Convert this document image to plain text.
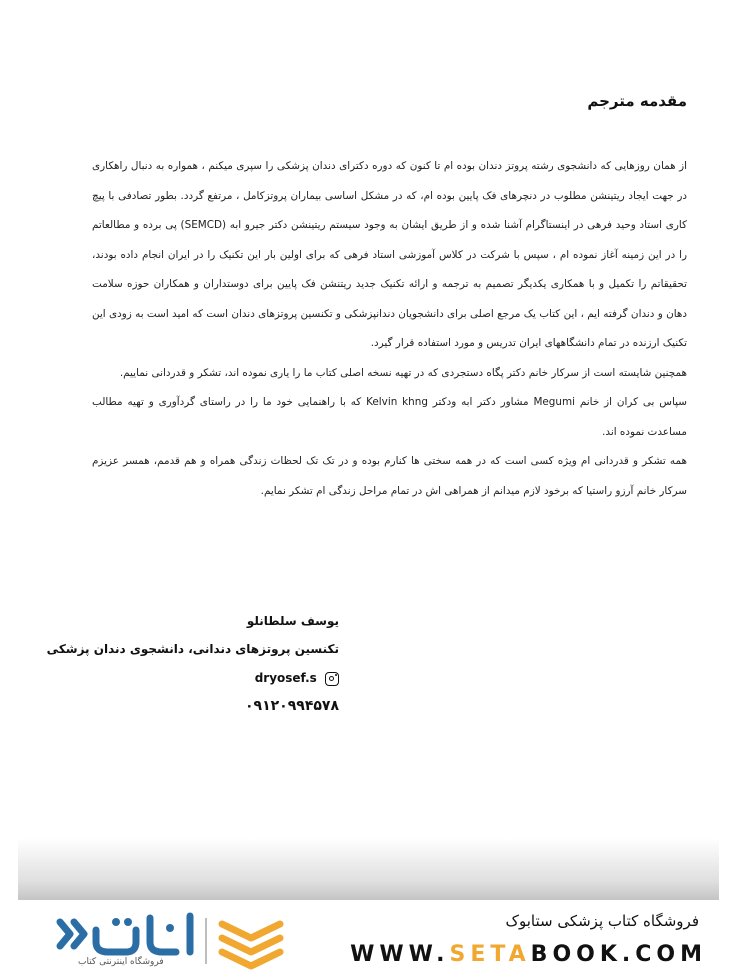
مقدمه مترجم

از همان روزهایی که دانشجوی رشته پروتز دندان بوده ام تا کنون که دوره دکترای دندان پزشکی را سپری میکنم ، همواره به دنبال راهکاری در جهت ایجاد ریتینشن مطلوب در دنچرهای فک پایین بوده ام، که در مشکل اساسی بیماران پروتزکامل ، مرتفع گردد. بطور تصادفی با پیچ کاری استاد وحید فرهی در اینستاگرام آشنا شده و از طریق ایشان به وجود سیستم ریتینشن دکتر جیرو ابه (SEMCD) پی برده و مطالعاتم را در این زمینه آغاز نموده ام ، سپس با شرکت در کلاس آموزشی استاد فرهی که برای اولین بار این تکنیک را در ایران انجام داده بودند، تحقیقاتم را تکمیل و با همکاری یکدیگر تصمیم به ترجمه و ارائه تکنیک جدید ریتنشن فک پایین برای دوستداران و همکاران حوزه سلامت دهان و دندان گرفته ایم ، این کتاب یک مرجع اصلی برای دانشجویان دندانپزشکی و تکنسین پروتزهای دندان است که امید است به زودی این تکنیک ارزنده در تمام دانشگاههای ایران تدریس و مورد استفاده قرار گیرد.

همچنین شایسته است از سرکار خانم دکتر پگاه دستجردی که در تهیه نسخه اصلی کتاب ما را یاری نموده اند، تشکر و قدردانی نماییم.

سپاس بی کران از خانم Megumi مشاور دکتر ابه ودکتر Kelvin khng که با راهنمایی خود ما را در راستای گردآوری و تهیه مطالب مساعدت نموده اند.

همه تشکر و قدردانی ام ویژه کسی است که در همه سختی ها کنارم بوده و در تک تک لحظات زندگی همراه و هم قدمم، همسر عزیزم سرکار خانم آرزو راستیا که برخود لازم میدانم از همراهی اش در تمام مراحل زندگی ام تشکر نمایم.

یوسف سلطانلو
تکنسین پروتزهای دندانی، دانشجوی دندان پزشکی
dryosef.s
۰۹۱۲۰۹۹۴۵۷۸
فروشگاه اینترنتی کتاب
فروشگاه کتاب پزشکی ستابوک
WWW.SETABOOK.COM
